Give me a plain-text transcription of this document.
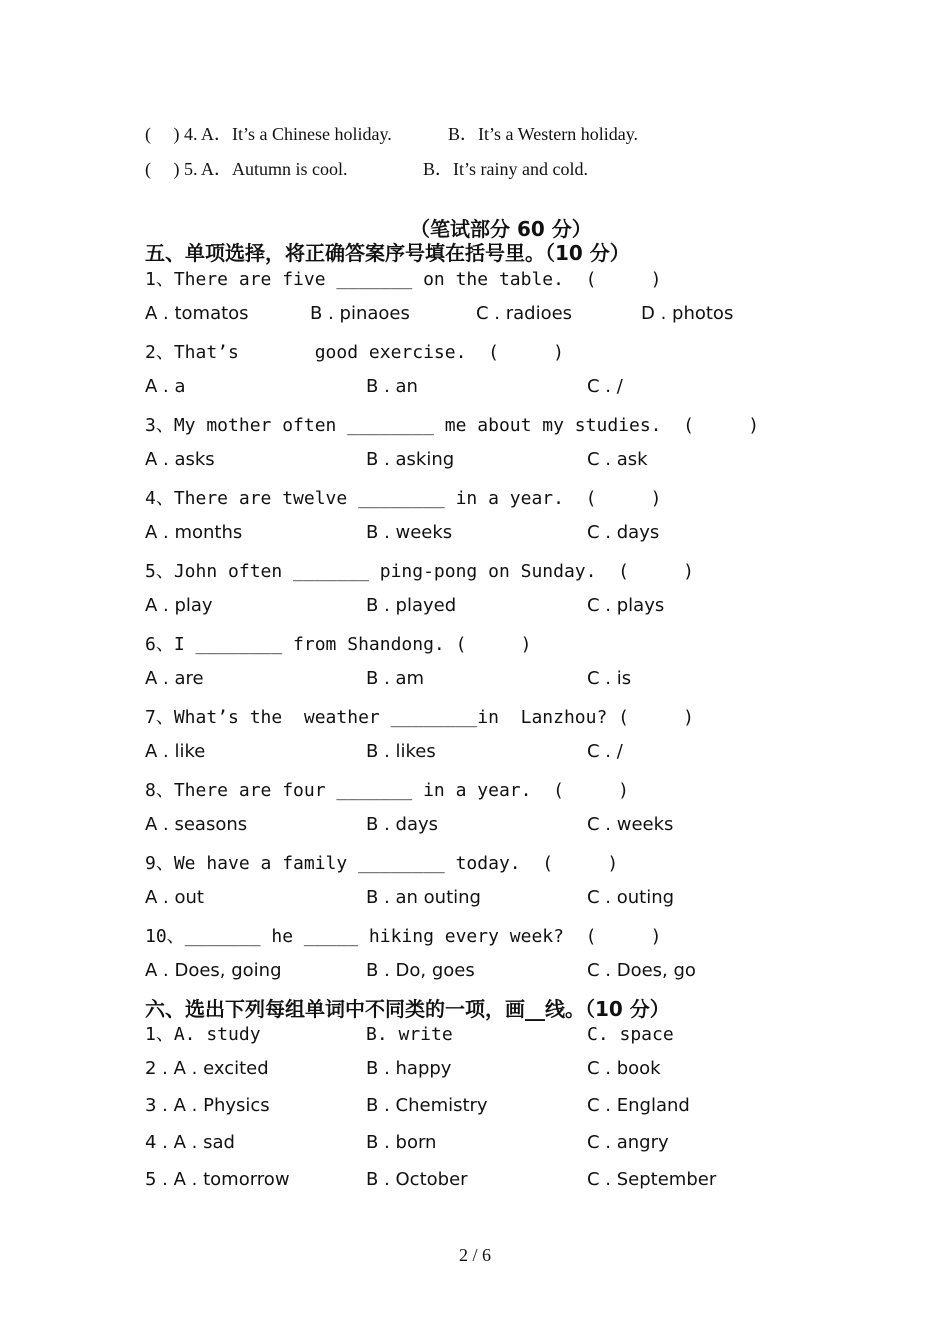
(     ) 4. A．It’s a Chinese holiday.	B．It’s a Western holiday.
(     ) 5. A．Autumn is cool.	B．It’s rainy and cold.
（笔试部分 60 分）
五、单项选择，将正确答案序号填在括号里。（10 分）
1、There are five _______ on the table.  (     )
A . tomatos	B . pinaoes	C . radioes	D . photos
2、That’s       good exercise.  (     )
A . a	B . an	C . /
3、My mother often ________ me about my studies.  (     )
A . asks	B . asking	C . ask
4、There are twelve ________ in a year.  (     )
A . months	B . weeks	C . days
5、John often _______ ping-pong on Sunday.  (     )
A . play	B . played	C . plays
6、I ________ from Shandong. (     )
A . are	B . am	C . is
7、What’s the  weather ________in  Lanzhou? (     )
A . like	B . likes	C . /
8、There are four _______ in a year.  (     )
A . seasons	B . days	C . weeks
9、We have a family ________ today.  (     )
A . out	B . an outing	C . outing
10、_______ he _____ hiking every week?  (     )
A . Does, going	B . Do, goes	C . Does, go
六、选出下列每组单词中不同类的一项，画__线。（10 分）
1、A. study	B. write	C. space
2 . A . excited	B . happy	C . book
3 . A . Physics	B . Chemistry	C . England
4 . A . sad	B . born	C . angry
5 . A . tomorrow	B . October	C . September
2 / 6
